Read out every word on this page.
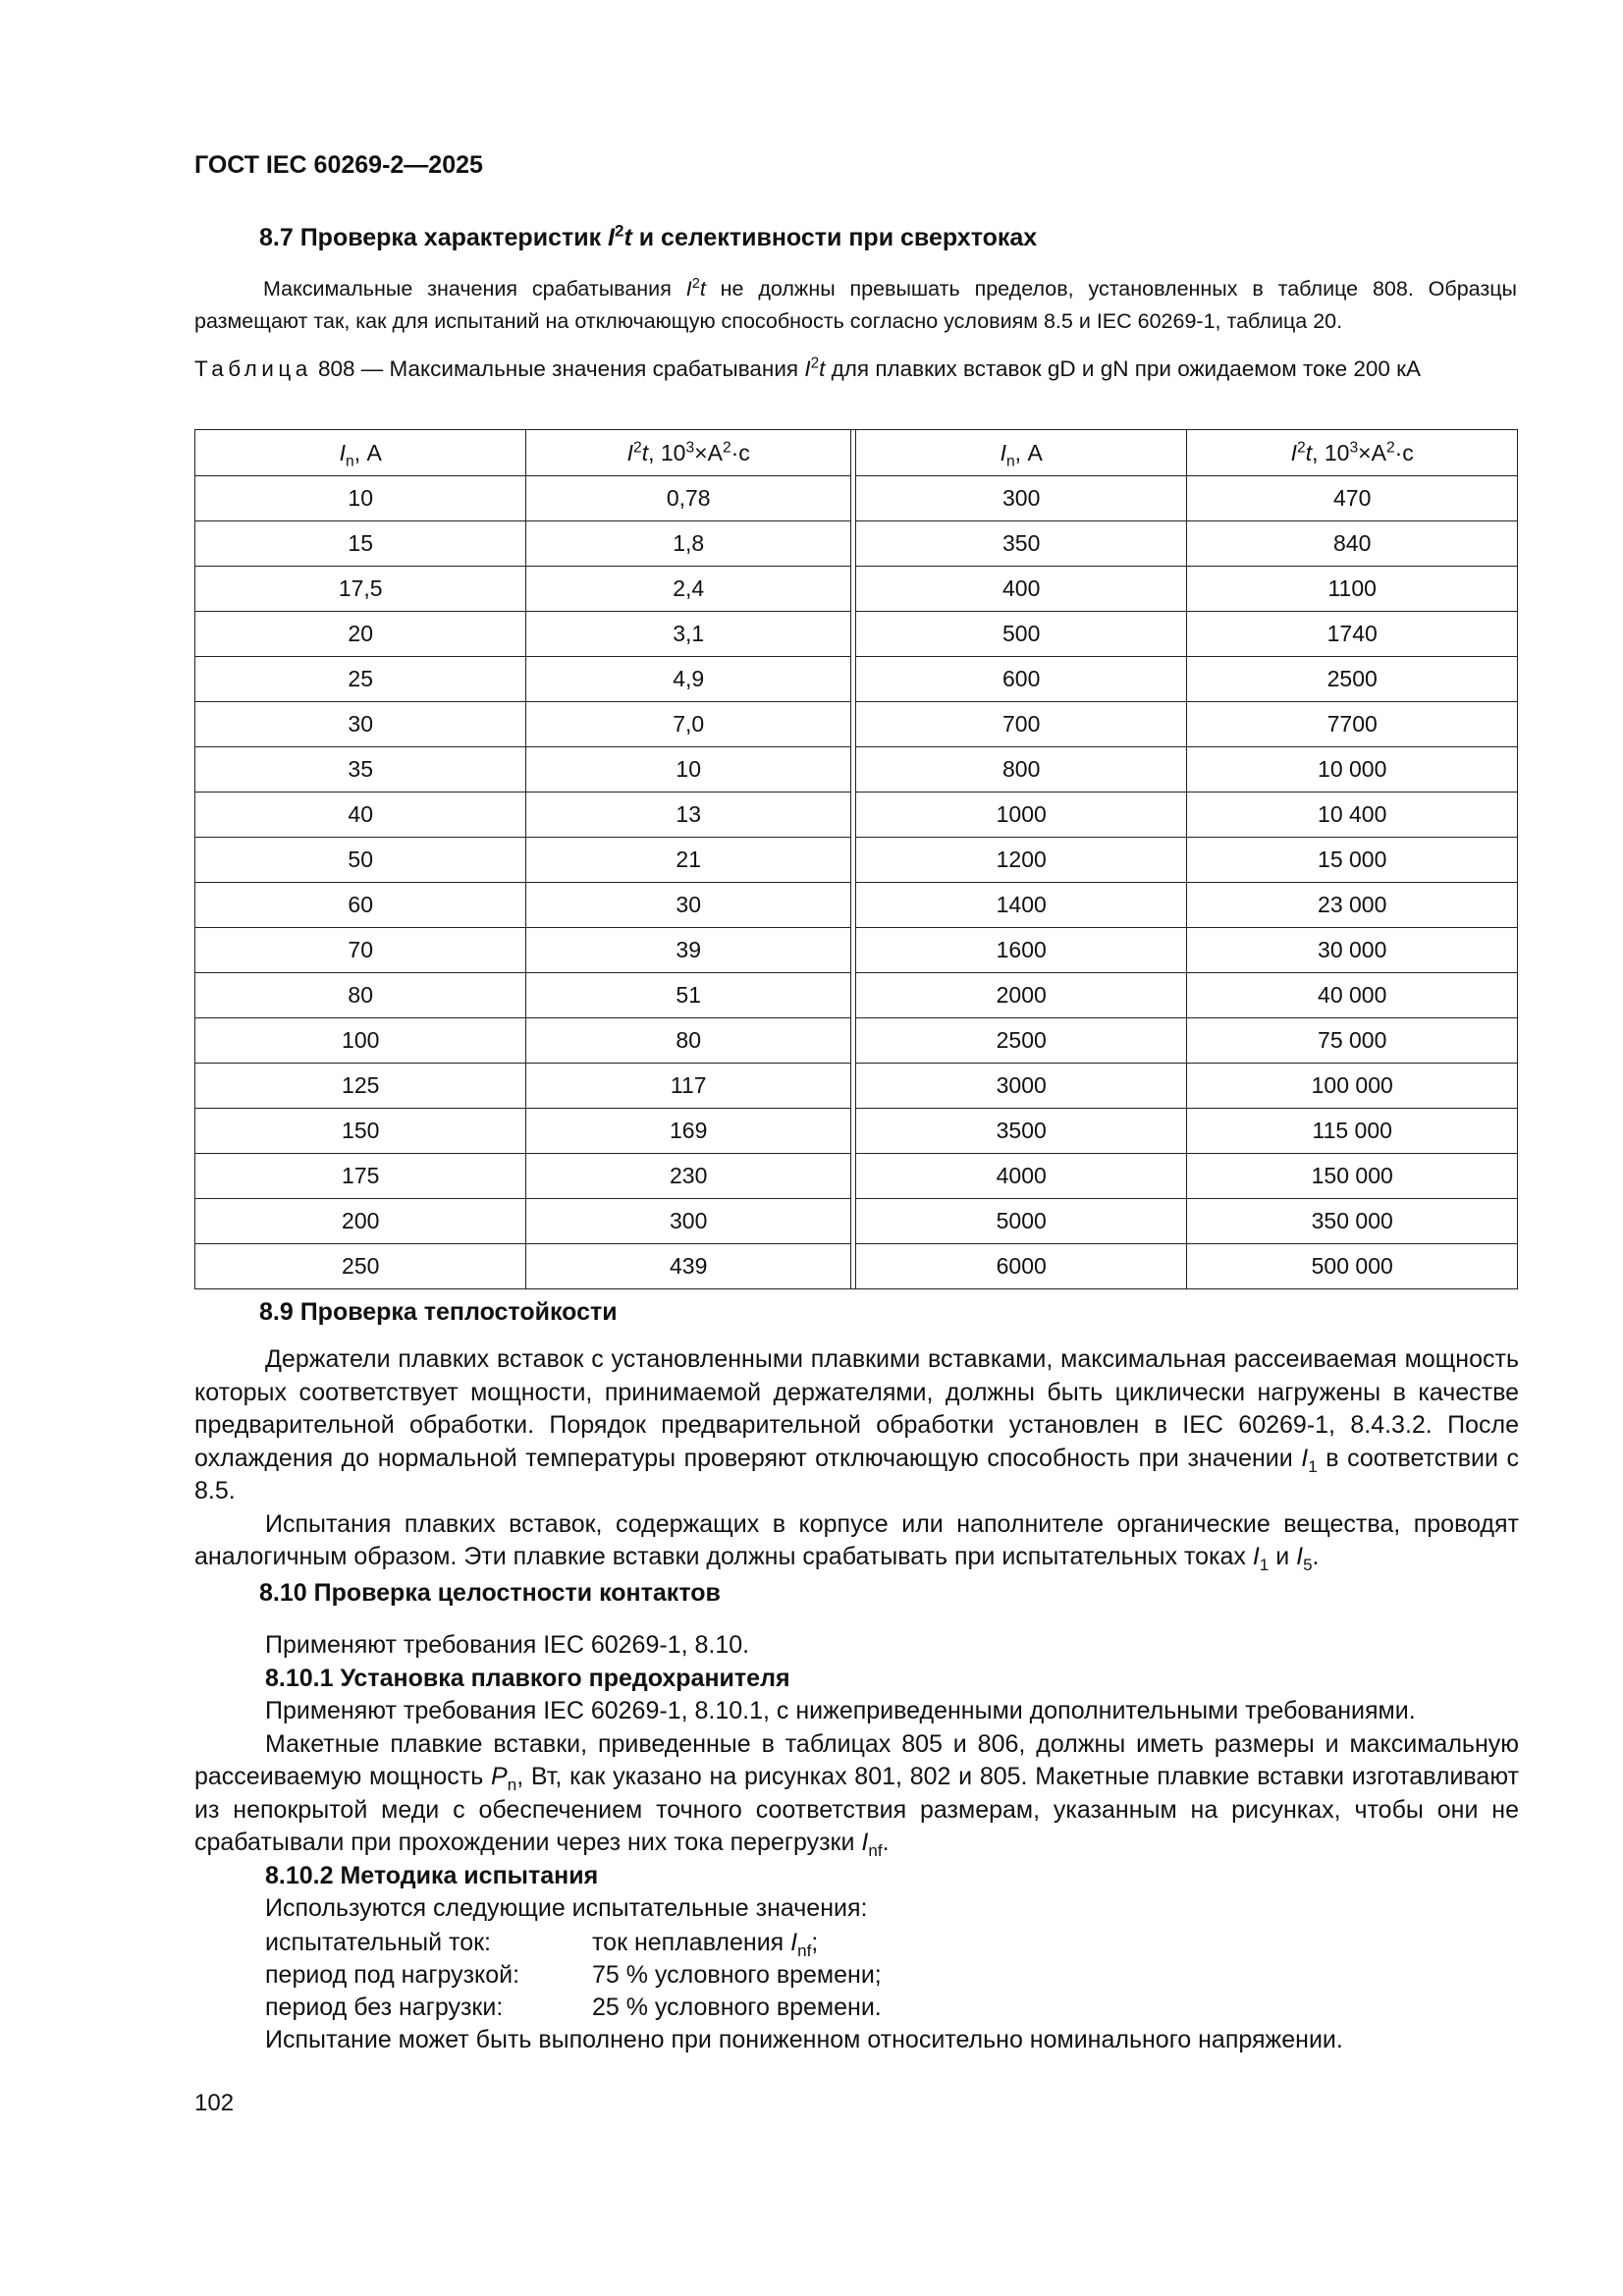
ГОСТ IEC 60269-2—2025
8.7 Проверка характеристик $I^2t$ и селективности при сверхтоках
Максимальные значения срабатывания $I^2t$ не должны превышать пределов, установленных в таблице 808. Образцы размещают так, как для испытаний на отключающую способность согласно условиям 8.5 и IEC 60269-1, таблица 20.
Таблица 808 — Максимальные значения срабатывания $I^2t$ для плавких вставок gD и gN при ожидаемом токе 200 кА
$I_n$, А	$I^2t$, $10^3\times А^2\cdot с$		$I_n$, А	$I^2t$, $10^3\times А^2\cdot с$
10	0,78		300	470
15	1,8		350	840
17,5	2,4		400	1100
20	3,1		500	1740
25	4,9		600	2500
30	7,0		700	7700
35	10		800	10 000
40	13		1000	10 400
50	21		1200	15 000
60	30		1400	23 000
70	39		1600	30 000
80	51		2000	40 000
100	80		2500	75 000
125	117		3000	100 000
150	169		3500	115 000
175	230		4000	150 000
200	300		5000	350 000
250	439		6000	500 000
8.9 Проверка теплостойкости

Держатели плавких вставок с установленными плавкими вставками, максимальная рассеиваемая мощность которых соответствует мощности, принимаемой держателями, должны быть циклически нагружены в качестве предварительной обработки. Порядок предварительной обработки установлен в IEC 60269-1, 8.4.3.2. После охлаждения до нормальной температуры проверяют отключающую способность при значении $I_1$ в соответствии с 8.5.

Испытания плавких вставок, содержащих в корпусе или наполнителе органические вещества, проводят аналогичным образом. Эти плавкие вставки должны срабатывать при испытательных токах $I_1$ и $I_5$.

8.10 Проверка целостности контактов

Применяют требования IEC 60269-1, 8.10.

8.10.1 Установка плавкого предохранителя

Применяют требования IEC 60269-1, 8.10.1, с нижеприведенными дополнительными требованиями.

Макетные плавкие вставки, приведенные в таблицах 805 и 806, должны иметь размеры и максимальную рассеиваемую мощность $P_n$, Вт, как указано на рисунках 801, 802 и 805. Макетные плавкие вставки изготавливают из непокрытой меди с обеспечением точного соответствия размерам, указанным на рисунках, чтобы они не срабатывали при прохождении через них тока перегрузки $I_{nf}$.

8.10.2 Методика испытания

Используются следующие испытательные значения:

испытательный ток:	ток неплавления $I_{nf}$;
период под нагрузкой:	75 % условного времени;
период без нагрузки:	25 % условного времени.

Испытание может быть выполнено при пониженном относительно номинального напряжении.

102
